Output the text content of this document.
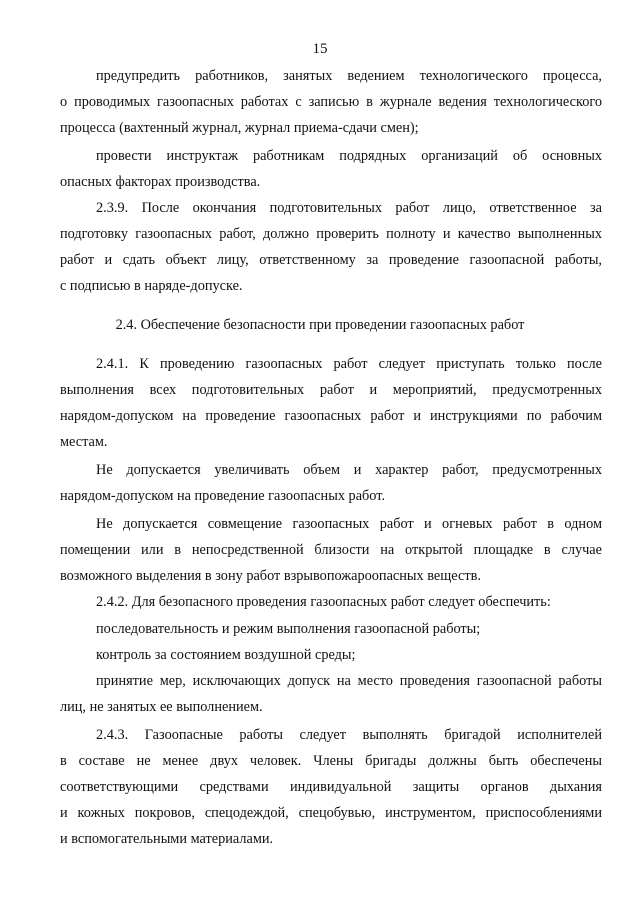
15
предупредить работников, занятых ведением технологического процесса,
о проводимых газоопасных работах с записью в журнале ведения технологического
процесса (вахтенный журнал, журнал приема-сдачи смен);
провести инструктаж работникам подрядных организаций об основных
опасных факторах производства.
2.3.9. После окончания подготовительных работ лицо, ответственное за
подготовку газоопасных работ, должно проверить полноту и качество выполненных
работ и сдать объект лицу, ответственному за проведение газоопасной работы,
с подписью в наряде-допуске.
2.4. Обеспечение безопасности при проведении газоопасных работ
2.4.1. К проведению газоопасных работ следует приступать только после
выполнения всех подготовительных работ и мероприятий, предусмотренных
нарядом-допуском на проведение газоопасных работ и инструкциями по рабочим
местам.
Не допускается увеличивать объем и характер работ, предусмотренных
нарядом-допуском на проведение газоопасных работ.
Не допускается совмещение газоопасных работ и огневых работ в одном
помещении или в непосредственной близости на открытой площадке в случае
возможного выделения в зону работ взрывопожароопасных веществ.
2.4.2. Для безопасного проведения газоопасных работ следует обеспечить:
последовательность и режим выполнения газоопасной работы;
контроль за состоянием воздушной среды;
принятие мер, исключающих допуск на место проведения газоопасной работы
лиц, не занятых ее выполнением.
2.4.3. Газоопасные работы следует выполнять бригадой исполнителей
в составе не менее двух человек. Члены бригады должны быть обеспечены
соответствующими средствами индивидуальной защиты органов дыхания
и кожных покровов, спецодеждой, спецобувью, инструментом, приспособлениями
и вспомогательными материалами.
